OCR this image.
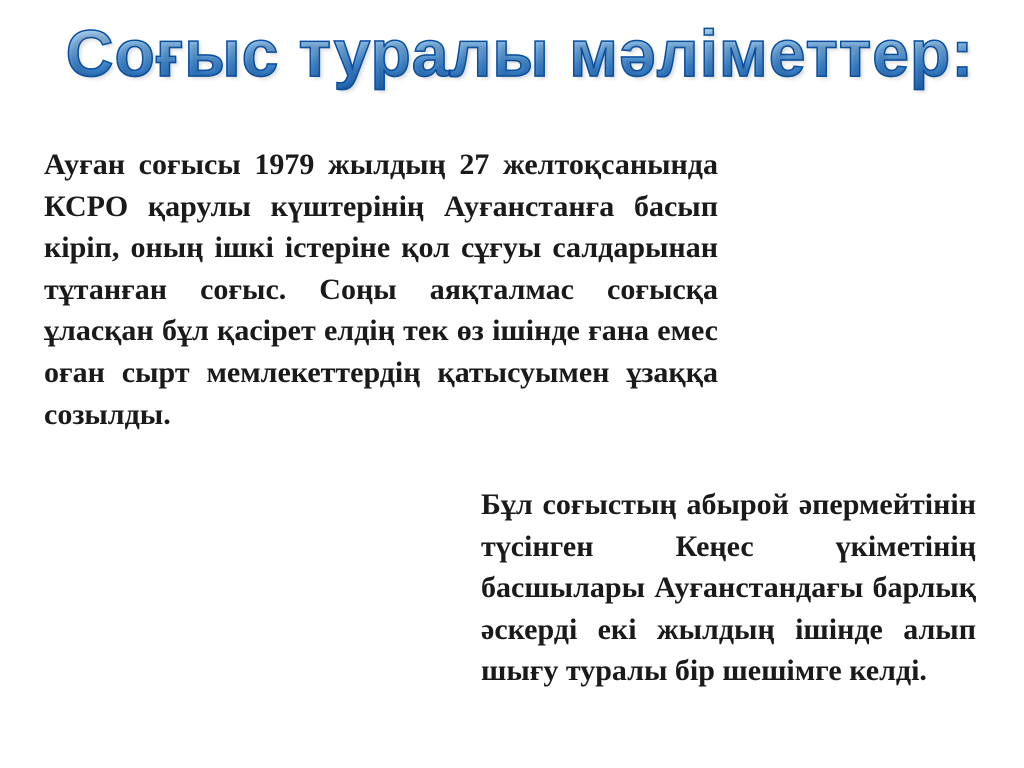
Соғыс туралы мәліметтер:

Ауған соғысы 1979 жылдың 27 желтоқсанында КСРО қарулы күштерінің Ауғанстанға басып кіріп, оның ішкі істеріне қол сұғуы салдарынан тұтанған соғыс. Соңы аяқталмас соғысқа ұласқан бұл қасірет елдің тек өз ішінде ғана емес оған сырт мемлекеттердің қатысуымен ұзаққа созылды.

Бұл соғыстың абырой әпермейтінін түсінген Кеңес үкіметінің басшылары Ауғанстандағы барлық әскерді екі жылдың ішінде алып шығу туралы бір шешімге келді.
